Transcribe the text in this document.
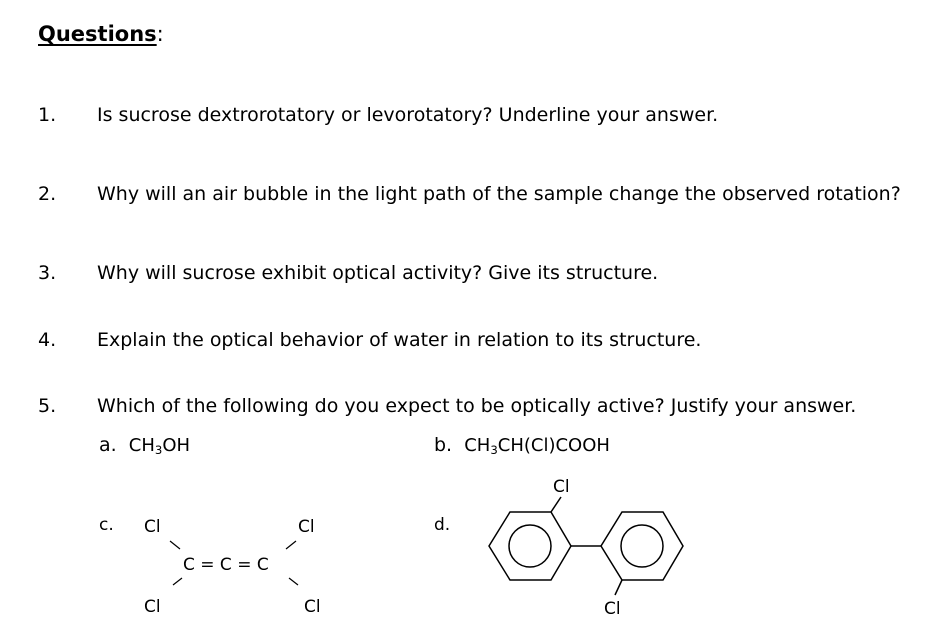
Questions:
1. Is sucrose dextrorotatory or levorotatory? Underline your answer.
2. Why will an air bubble in the light path of the sample change the observed rotation?
3. Why will sucrose exhibit optical activity? Give its structure.
4. Explain the optical behavior of water in relation to its structure.
5. Which of the following do you expect to be optically active? Justify your answer.
a. $CH_3OH$	b. $CH_3CH(Cl)COOH$
c. Cl	Cl
Cl	Cl
C = C = C
d.
Cl
Cl
